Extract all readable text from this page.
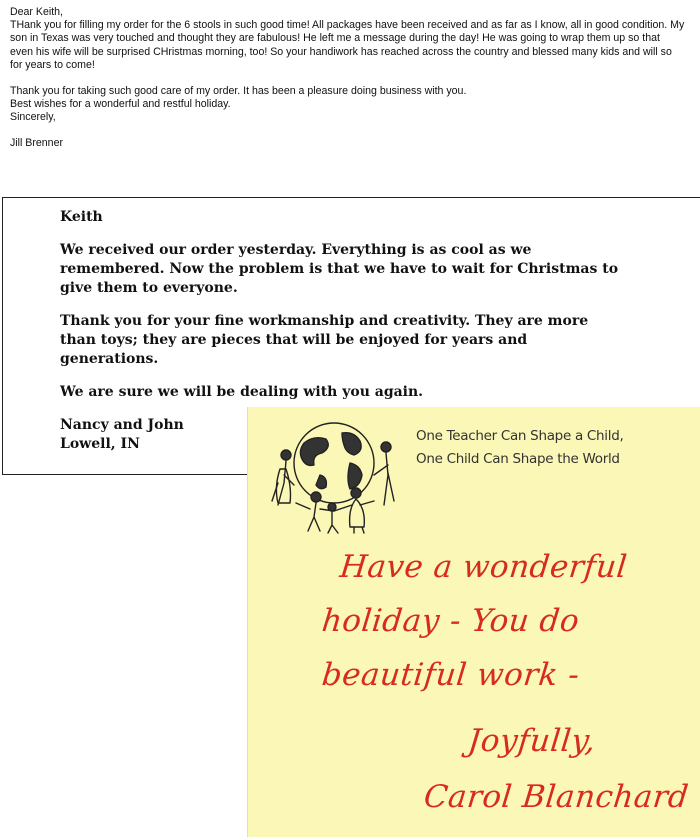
Dear Keith,

THank you for filling my order for the 6 stools in such good time! All packages have been received and as far as I know, all in good condition. My son in Texas was very touched and thought they are fabulous! He left me a message during the day! He was going to wrap them up so that even his wife will be surprised CHristmas morning, too! So your handiwork has reached across the country and blessed many kids and will so for years to come!

Thank you for taking such good care of my order. It has been a pleasure doing business with you.

Best wishes for a wonderful and restful holiday.

Sincerely,

Jill Brenner

Keith

We received our order yesterday. Everything is as cool as we remembered. Now the problem is that we have to wait for Christmas to give them to everyone.

Thank you for your fine workmanship and creativity. They are more than toys; they are pieces that will be enjoyed for years and generations.

We are sure we will be dealing with you again.

Nancy and John

Lowell, IN	One Teacher Can Shape a Child,
One Child Can Shape the World
Have a wonderful
holiday - You do
beautiful work -
Joyfully,
Carol Blanchard
